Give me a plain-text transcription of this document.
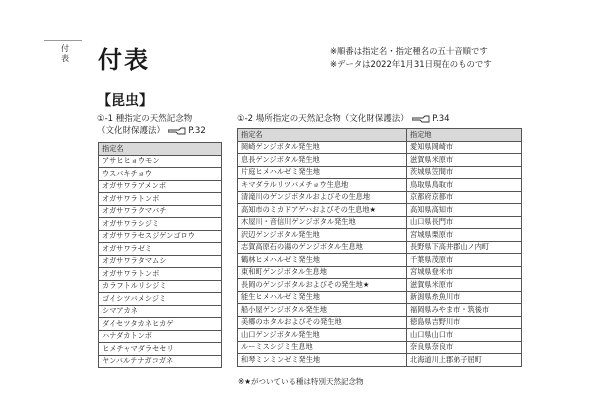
付
表	付表	※順番は指定名・指定種名の五十音順です
※データは2022年1月31日現在のものです
【昆虫】
①-1 種指定の天然記念物
（文化財保護法）	P.32
指定名
アサヒヒョウモン
ウスバキチョウ
オガサワラアメンボ
オガサワラトンボ
オガサワラクマバチ
オガサワラシジミ
オガサワラセスジゲンゴロウ
オガサワラゼミ
オガサワラタマムシ
オガサワラトンボ
カラフトルリシジミ
ゴイシツバメシジミ
シマアカネ
ダイセツタカネヒカゲ
ハナダカトンボ
ヒメチャマダラセセリ
ヤンバルテナガコガネ
①-2 場所指定の天然記念物（文化財保護法）	P.34
指定名	指定地
岡崎ゲンジボタル発生地	愛知県岡崎市
息長ゲンジボタル発生地	滋賀県米原市
片庭ヒメハルゼミ発生地	茨城県笠間市
キマダラルリツバメチョウ生息地	鳥取県鳥取市
清滝川のゲンジボタルおよびその生息地	京都府京都市
高知市のミカドアゲハおよびその生息地★	高知県高知市
木屋川・音信川ゲンジボタル発生地	山口県長門市
沢辺ゲンジボタル発生地	宮城県栗原市
志賀高原石の湯のゲンジボタル生息地	長野県下高井郡山ノ内町
鶴林ヒメハルゼミ発生地	千葉県茂原市
東和町ゲンジボタル生息地	宮城県登米市
長岡のゲンジボタルおよびその発生地★	滋賀県米原市
能生ヒメハルゼミ発生地	新潟県糸魚川市
船小屋ゲンジボタル発生地	福岡県みやま市・筑後市
美郷のホタルおよびその発生地	徳島県吉野川市
山口ゲンジボタル発生地	山口県山口市
ルーミスシジミ生息地	奈良県奈良市
和琴ミンミンゼミ発生地	北海道川上郡弟子屈町
※★がついている種は特別天然記念物
